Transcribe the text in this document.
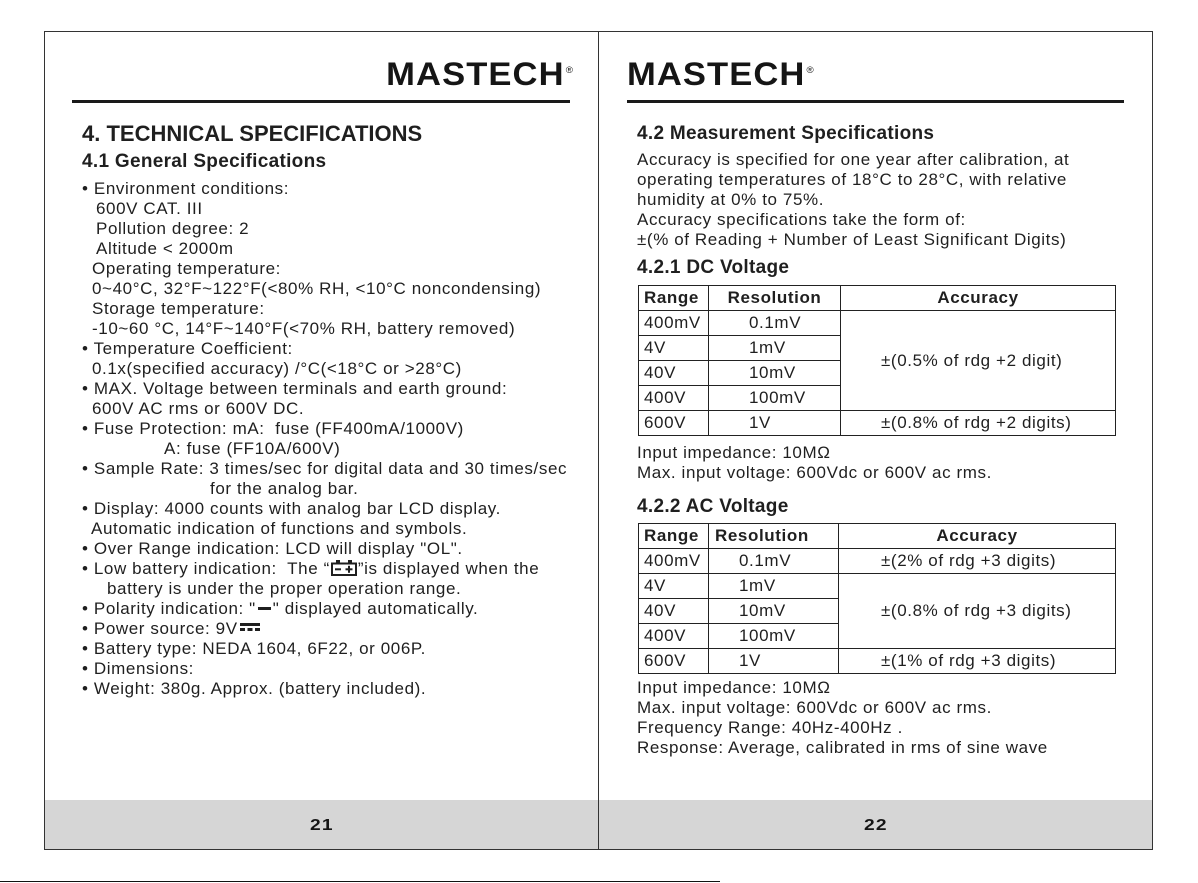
MASTECH®
4. TECHNICAL SPECIFICATIONS
4.1 General Specifications
• Environment conditions:
600V CAT. III
Pollution degree: 2
Altitude < 2000m
Operating temperature:
0~40°C, 32°F~122°F(<80% RH, <10°C noncondensing)
Storage temperature:
-10~60 °C, 14°F~140°F(<70% RH, battery removed)
• Temperature Coefficient:
0.1x(specified accuracy) /°C(<18°C or >28°C)
• MAX. Voltage between terminals and earth ground:
600V AC rms or 600V DC.
• Fuse Protection: mA:  fuse (FF400mA/1000V)
A: fuse (FF10A/600V)
• Sample Rate: 3 times/sec for digital data and 30 times/sec
for the analog bar.
• Display: 4000 counts with analog bar LCD display.
Automatic indication of functions and symbols.
• Over Range indication: LCD will display "OL".
• Low battery indication:  The “ ”is displayed when the
battery is under the proper operation range.
• Polarity indication: " " displayed automatically.
• Power source: 9V
• Battery type: NEDA 1604, 6F22, or 006P.
• Dimensions:
• Weight: 380g. Approx. (battery included).
21
MASTECH®
4.2 Measurement Specifications
Accuracy is specified for one year after calibration, at
operating temperatures of 18°C to 28°C, with relative
humidity at 0% to 75%.
Accuracy specifications take the form of:
±(% of Reading + Number of Least Significant Digits)
4.2.1 DC Voltage
Range	Resolution	Accuracy
400mV	0.1mV	±(0.5% of rdg +2 digit)
4V	1mV	
40V	10mV	
400V	100mV	
600V	1V	±(0.8% of rdg +2 digits)
Input impedance: 10MΩ
Max. input voltage: 600Vdc or 600V ac rms.
4.2.2 AC Voltage
Range	Resolution	Accuracy
400mV	0.1mV	±(2% of rdg +3 digits)
4V	1mV	±(0.8% of rdg +3 digits)
40V	10mV	
400V	100mV	
600V	1V	±(1% of rdg +3 digits)
Input impedance: 10MΩ
Max. input voltage: 600Vdc or 600V ac rms.
Frequency Range: 40Hz-400Hz .
Response: Average, calibrated in rms of sine wave
22
